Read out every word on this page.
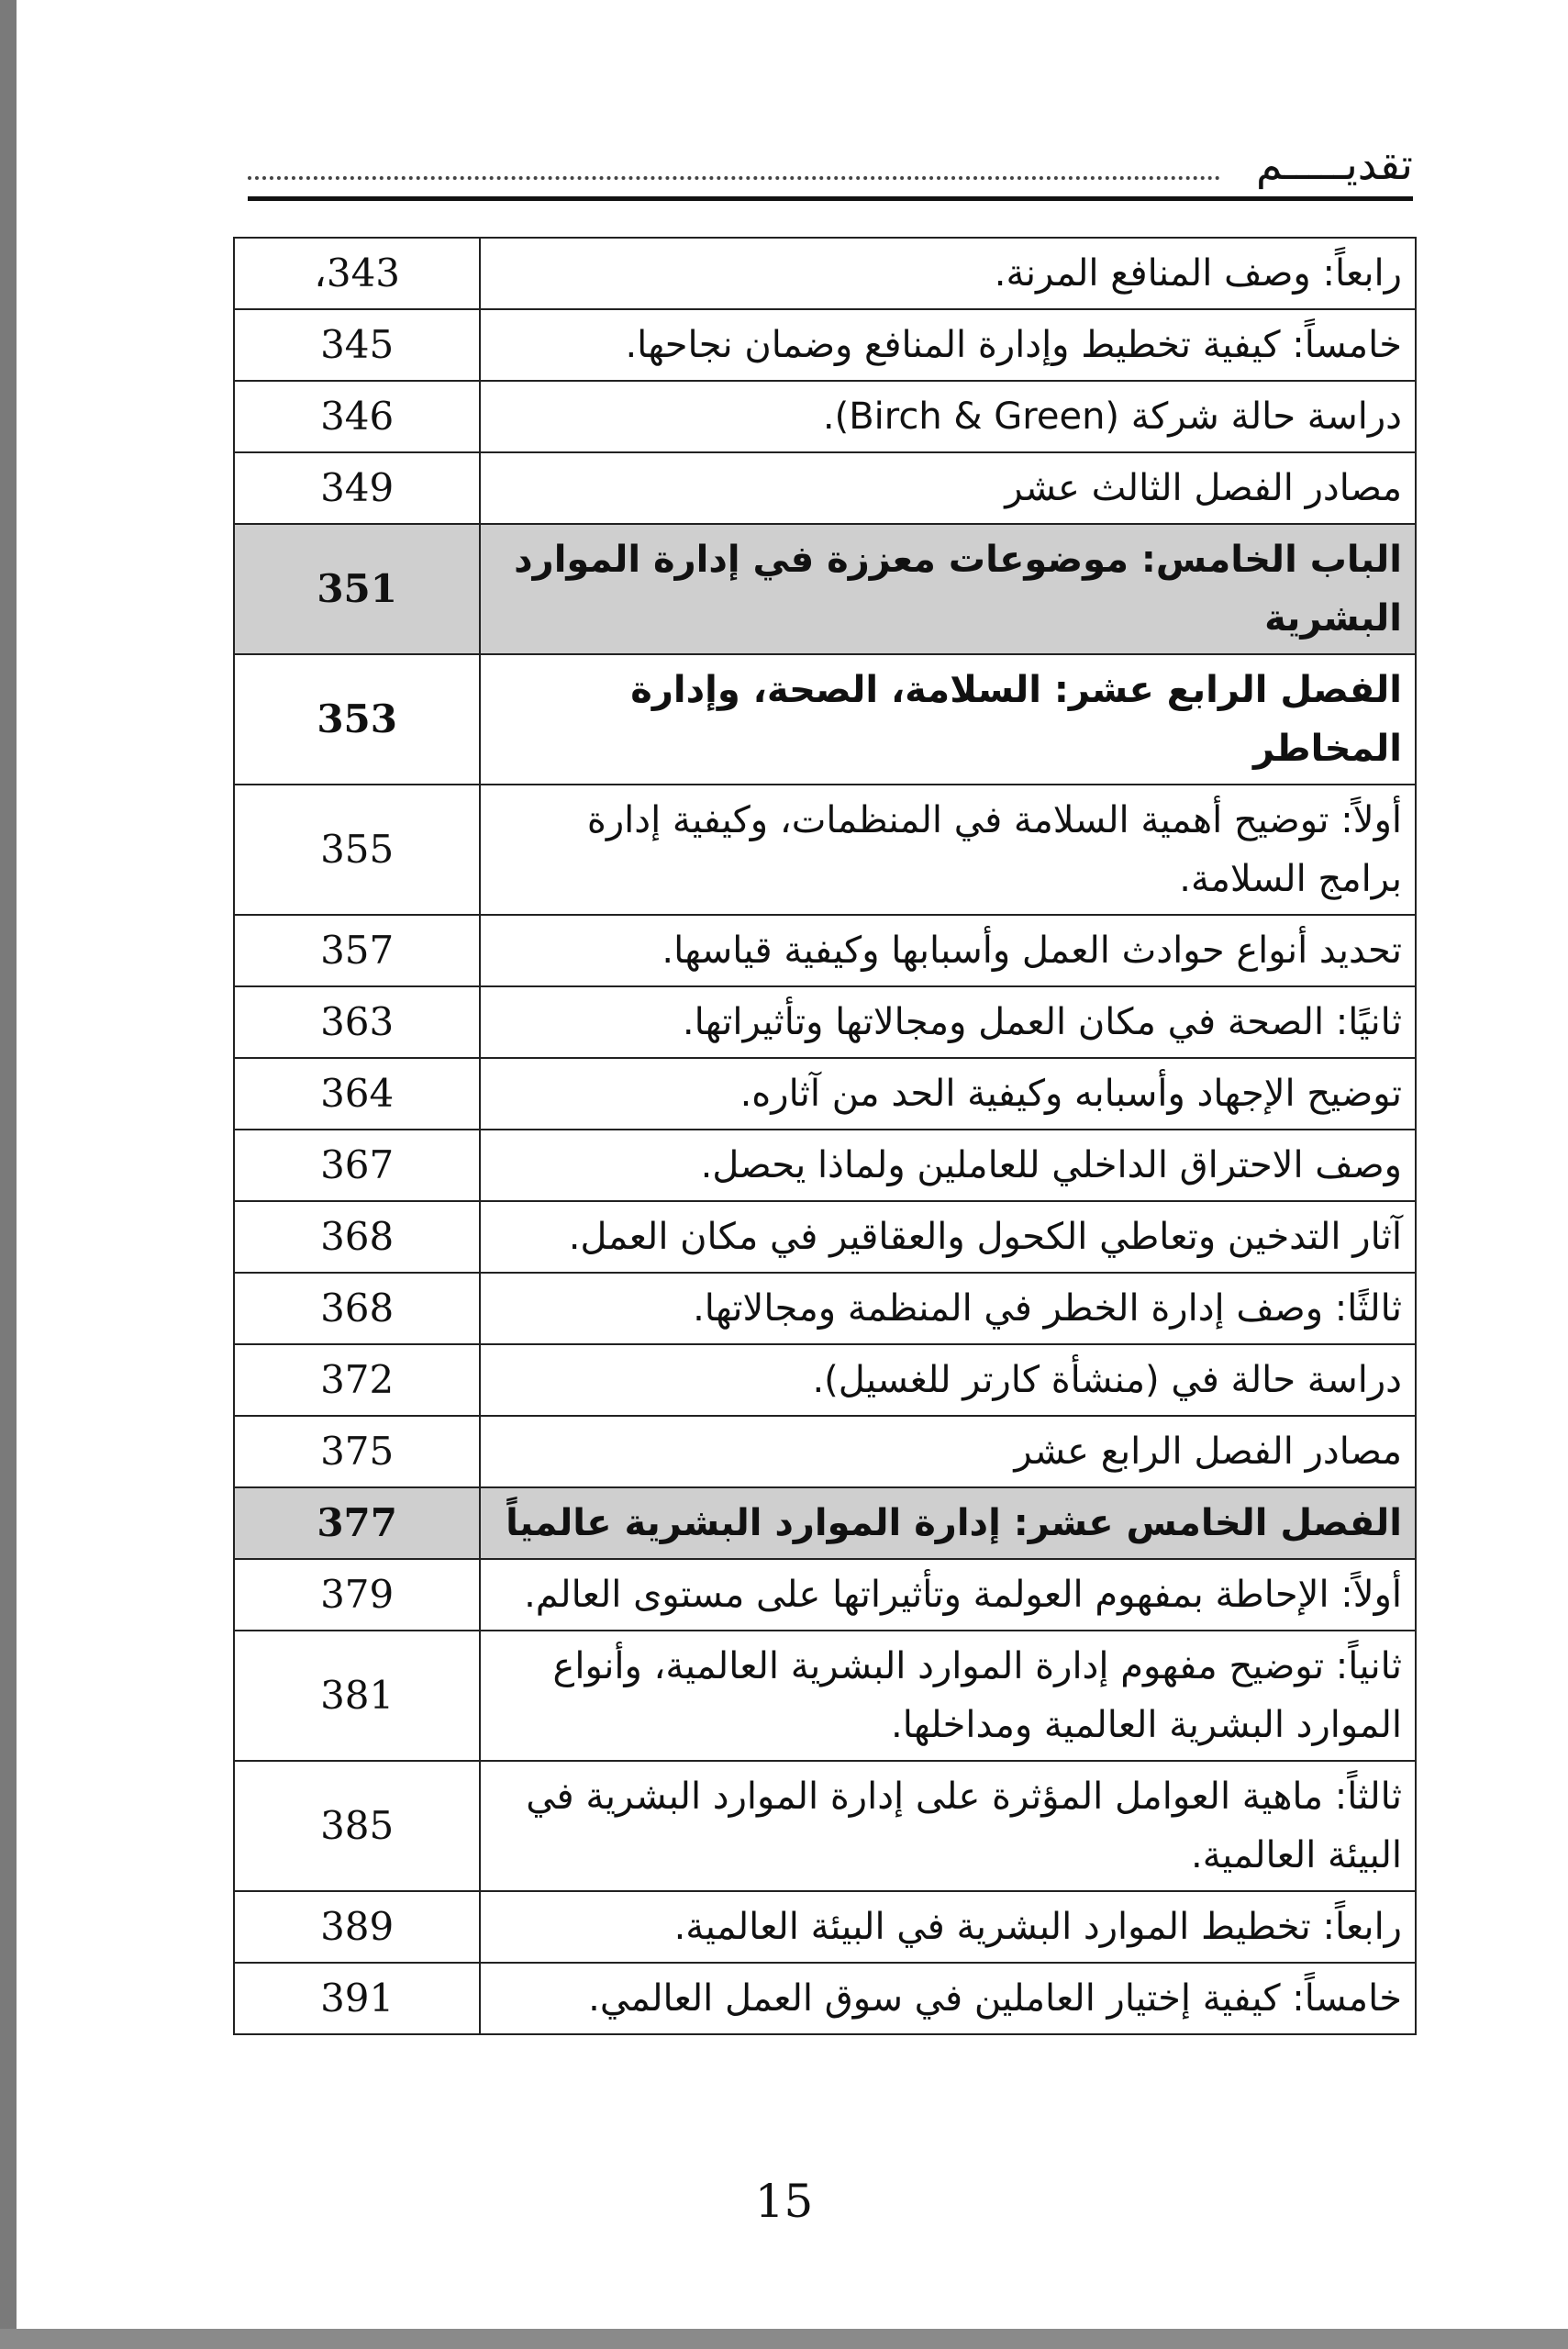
تقديـــــم
رابعاً: وصف المنافع المرنة.	343،
خامساً: كيفية تخطيط وإدارة المنافع وضمان نجاحها.	345
دراسة حالة شركة (Birch & Green).	346
مصادر الفصل الثالث عشر	349
الباب الخامس: موضوعات معززة في إدارة الموارد البشرية	351
الفصل الرابع عشر: السلامة، الصحة، وإدارة المخاطر	353
أولاً: توضيح أهمية السلامة في المنظمات، وكيفية إدارة برامج السلامة.	355
تحديد أنواع حوادث العمل وأسبابها وكيفية قياسها.	357
ثانيًا: الصحة في مكان العمل ومجالاتها وتأثيراتها.	363
توضيح الإجهاد وأسبابه وكيفية الحد من آثاره.	364
وصف الاحتراق الداخلي للعاملين ولماذا يحصل.	367
آثار التدخين وتعاطي الكحول والعقاقير في مكان العمل.	368
ثالثًا: وصف إدارة الخطر في المنظمة ومجالاتها.	368
دراسة حالة في (منشأة كارتر للغسيل).	372
مصادر الفصل الرابع عشر	375
الفصل الخامس عشر: إدارة الموارد البشرية عالمياً	377
أولاً: الإحاطة بمفهوم العولمة وتأثيراتها على مستوى العالم.	379
ثانياً: توضيح مفهوم إدارة الموارد البشرية العالمية، وأنواع الموارد البشرية العالمية ومداخلها.	381
ثالثاً: ماهية العوامل المؤثرة على إدارة الموارد البشرية في البيئة العالمية.	385
رابعاً: تخطيط الموارد البشرية في البيئة العالمية.	389
خامساً: كيفية إختيار العاملين في سوق العمل العالمي.	391
15
